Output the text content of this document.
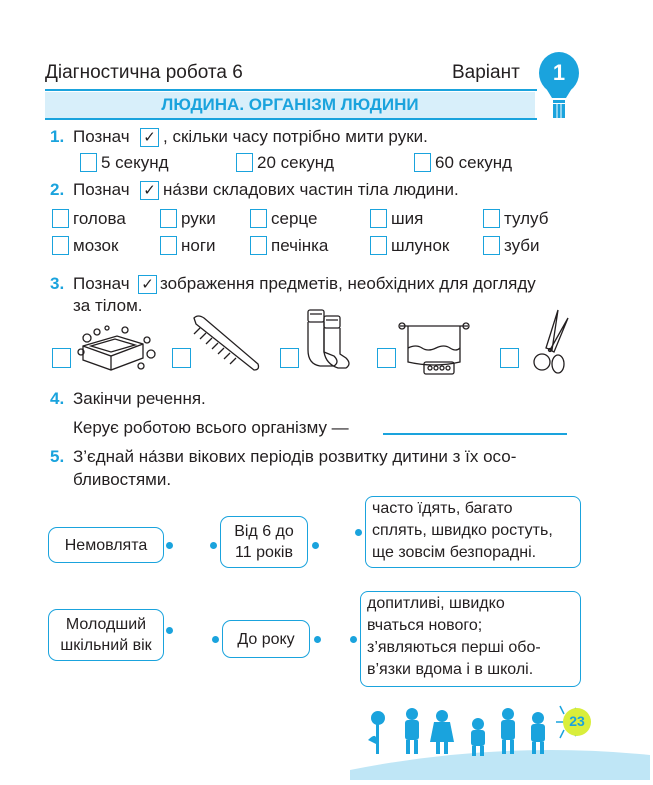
Діагностична робота 6	Варіант	1
ЛЮДИНА. ОРГАНІЗМ ЛЮДИНИ
1. Познач ✓ , скільки часу потрібно мити руки.
5 секунд	20 секунд	60 секунд
2. Познач ✓ на́зви складових частин тіла людини.
голова	руки	серце	шия	тулуб
мозок	ноги	печінка	шлунок	зуби
3. Познач ✓ зображення предметів, необхідних для догляду
за тілом.
4. Закінчи речення.
Керує роботою всього організму —
5. З’єднай на́зви вікових періодів розвитку дитини з їх осо-
бливостями.
Немовлята
Від 6 до
11 років
часто їдять, багато
сплять, швидко ростуть,
ще зовсім безпорадні.
Молодший
шкільний вік	До року
допитливі, швидко
вчаться нового;
з’являються перші обо-
в’язки вдома і в школі.
23
